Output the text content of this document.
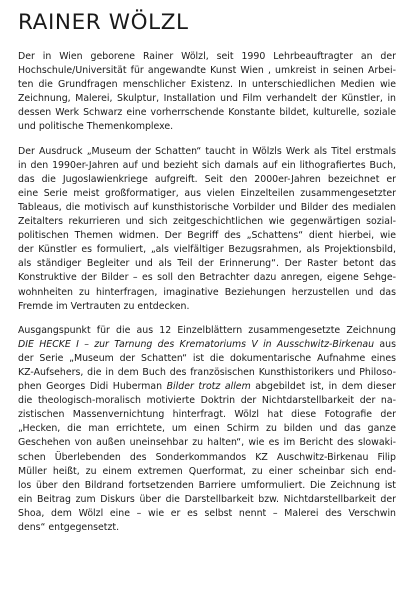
RAINER WÖLZL
Der in Wien geborene Rainer Wölzl, seit 1990 Lehrbeauftragter an der
Hochschule/Universität für angewandte Kunst Wien , umkreist in seinen Arbei-
ten die Grundfragen menschlicher Existenz. In unterschiedlichen Medien wie
Zeichnung, Malerei, Skulptur, Installation und Film verhandelt der Künstler, in
dessen Werk Schwarz eine vorherrschende Konstante bildet, kulturelle, soziale
und politische Themenkomplexe.
Der Ausdruck „Museum der Schatten“ taucht in Wölzls Werk als Titel erstmals
in den 1990er-Jahren auf und bezieht sich damals auf ein lithografiertes Buch,
das die Jugoslawienkriege aufgreift. Seit den 2000er-Jahren bezeichnet er
eine Serie meist großformatiger, aus vielen Einzelteilen zusammengesetzter
Tableaus, die motivisch auf kunsthistorische Vorbilder und Bilder des medialen
Zeitalters rekurrieren und sich zeitgeschichtlichen wie gegenwärtigen sozial-
politischen Themen widmen. Der Begriff des „Schattens“ dient hierbei, wie
der Künstler es formuliert, „als vielfältiger Bezugsrahmen, als Projektionsbild,
als ständiger Begleiter und als Teil der Erinnerung“. Der Raster betont das
Konstruktive der Bilder – es soll den Betrachter dazu anregen, eigene Sehge-
wohnheiten zu hinterfragen, imaginative Beziehungen herzustellen und das
Fremde im Vertrauten zu entdecken.
Ausgangspunkt für die aus 12 Einzelblättern zusammengesetzte Zeichnung
DIE HECKE I – zur Tarnung des Krematoriums V in Ausschwitz-Birkenau aus
der Serie „Museum der Schatten“ ist die dokumentarische Aufnahme eines
KZ-Aufsehers, die in dem Buch des französischen Kunsthistorikers und Philoso-
phen Georges Didi Huberman Bilder trotz allem abgebildet ist, in dem dieser
die theologisch-moralisch motivierte Doktrin der Nichtdarstellbarkeit der na-
zistischen Massenvernichtung hinterfragt. Wölzl hat diese Fotografie der
„Hecken, die man errichtete, um einen Schirm zu bilden und das ganze
Geschehen von außen uneinsehbar zu halten“, wie es im Bericht des slowaki-
schen Überlebenden des Sonderkommandos KZ Auschwitz-Birkenau Filip
Müller heißt, zu einem extremen Querformat, zu einer scheinbar sich end-
los über den Bildrand fortsetzenden Barriere umformuliert. Die Zeichnung ist
ein Beitrag zum Diskurs über die Darstellbarkeit bzw. Nichtdarstellbarkeit der
Shoa, dem Wölzl eine – wie er es selbst nennt – Malerei des Verschwin
dens“ entgegensetzt.
